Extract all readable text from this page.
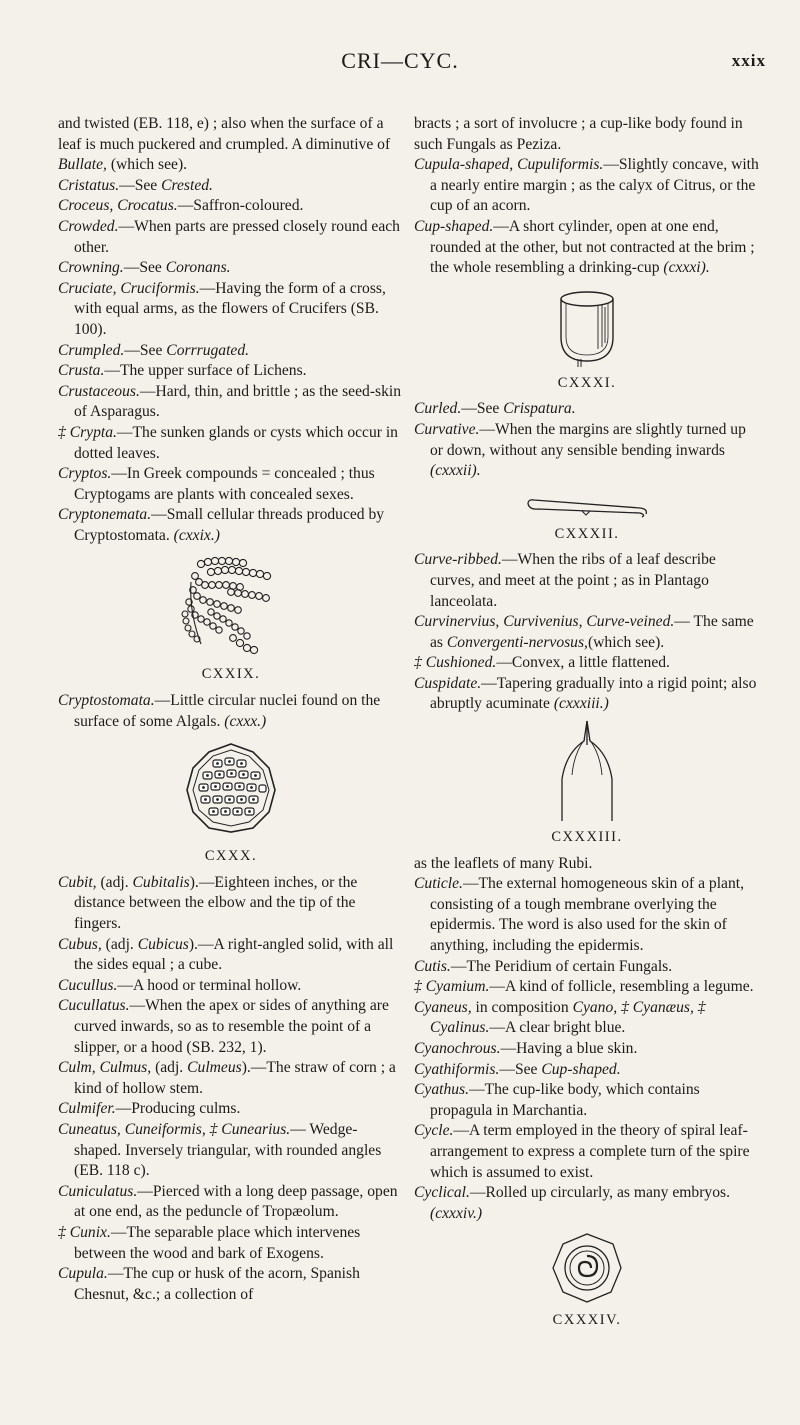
CRI—CYC.	xxix

and twisted (EB. 118, e) ; also when the surface of a leaf is much puckered and crumpled. A diminutive of Bullate, (which see).

Cristatus.—See Crested.

Croceus, Crocatus.—Saffron-coloured.

Crowded.—When parts are pressed closely round each other.

Crowning.—See Coronans.

Cruciate, Cruciformis.—Having the form of a cross, with equal arms, as the flowers of Crucifers (SB. 100).

Crumpled.—See Corrrugated.

Crusta.—The upper surface of Lichens.

Crustaceous.—Hard, thin, and brittle ; as the seed-skin of Asparagus.

‡ Crypta.—The sunken glands or cysts which occur in dotted leaves.

Cryptos.—In Greek compounds = concealed ; thus Cryptogams are plants with concealed sexes.

Cryptonemata.—Small cellular threads produced by Cryptostomata. (cxxix.)

CXXIX.

Cryptostomata.—Little circular nuclei found on the surface of some Algals. (cxxx.)

CXXX.

Cubit, (adj. Cubitalis).—Eighteen inches, or the distance between the elbow and the tip of the fingers.

Cubus, (adj. Cubicus).—A right-angled solid, with all the sides equal ; a cube.

Cucullus.—A hood or terminal hollow.

Cucullatus.—When the apex or sides of anything are curved inwards, so as to resemble the point of a slipper, or a hood (SB. 232, 1).

Culm, Culmus, (adj. Culmeus).—The straw of corn ; a kind of hollow stem.

Culmifer.—Producing culms.

Cuneatus, Cuneiformis, ‡ Cunearius.— Wedge-shaped. Inversely triangular, with rounded angles (EB. 118 c).

Cuniculatus.—Pierced with a long deep passage, open at one end, as the peduncle of Tropæolum.

‡ Cunix.—The separable place which intervenes between the wood and bark of Exogens.

Cupula.—The cup or husk of the acorn, Spanish Chesnut, &c.; a collection of

bracts ; a sort of involucre ; a cup-like body found in such Fungals as Peziza.

Cupula-shaped, Cupuliformis.—Slightly concave, with a nearly entire margin ; as the calyx of Citrus, or the cup of an acorn.

Cup-shaped.—A short cylinder, open at one end, rounded at the other, but not contracted at the brim ; the whole resembling a drinking-cup (cxxxi).

CXXXI.

Curled.—See Crispatura.

Curvative.—When the margins are slightly turned up or down, without any sensible bending inwards (cxxxii).

CXXXII.

Curve-ribbed.—When the ribs of a leaf describe curves, and meet at the point ; as in Plantago lanceolata.

Curvinervius, Curvivenius, Curve-veined.— The same as Convergenti-nervosus,(which see).

‡ Cushioned.—Convex, a little flattened.

Cuspidate.—Tapering gradually into a rigid point; also abruptly acuminate (cxxxiii.)

CXXXIII.

as the leaflets of many Rubi.

Cuticle.—The external homogeneous skin of a plant, consisting of a tough membrane overlying the epidermis. The word is also used for the skin of anything, including the epidermis.

Cutis.—The Peridium of certain Fungals.

‡ Cyamium.—A kind of follicle, resembling a legume.

Cyaneus, in composition Cyano, ‡ Cyanæus, ‡ Cyalinus.—A clear bright blue.

Cyanochrous.—Having a blue skin.

Cyathiformis.—See Cup-shaped.

Cyathus.—The cup-like body, which contains propagula in Marchantia.

Cycle.—A term employed in the theory of spiral leaf-arrangement to express a complete turn of the spire which is assumed to exist.

Cyclical.—Rolled up circularly, as many embryos. (cxxxiv.)

CXXXIV.
